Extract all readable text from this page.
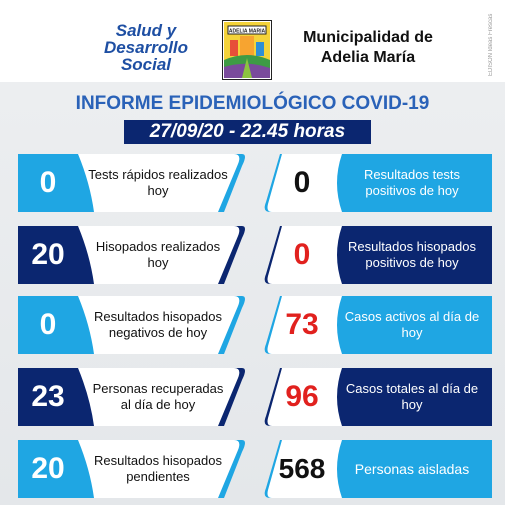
Salud y Desarrollo Social
ADELIA MARIA	Municipalidad de Adelia María	EDISON Ideas Frescas
INFORME EPIDEMIOLÓGICO COVID-19
27/09/20 - 22.45 horas
0	Tests rápidos realizados hoy	0	Resultados tests positivos de hoy
20	Hisopados realizados hoy	0	Resultados hisopados positivos de hoy
0	Resultados hisopados negativos de hoy	73	Casos activos al día de hoy
23	Personas recuperadas al día de hoy	96	Casos totales al día de hoy
20	Resultados hisopados pendientes	568	Personas aisladas
